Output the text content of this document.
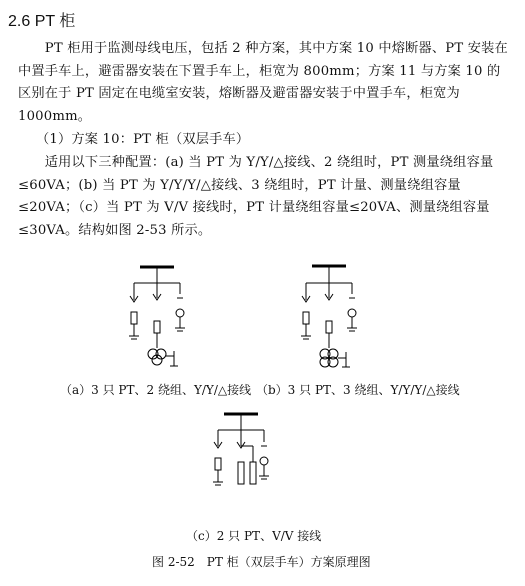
2.6 PT 柜
　　PT 柜用于监测母线电压，包括 2 种方案，其中方案 10 中熔断器、PT 安装在中置手车上，避雷器安装在下置手车上，柜宽为 800mm；方案 11 与方案 10 的区别在于 PT 固定在电缆室安装，熔断器及避雷器安装于中置手车，柜宽为 1000mm。
（1）方案 10：PT 柜（双层手车）
　　适用以下三种配置：(a) 当 PT 为 Y/Y/△接线、2 绕组时，PT 测量绕组容量≤60VA；(b) 当 PT 为 Y/Y/Y/△接线、3 绕组时，PT 计量、测量绕组容量≤20VA；（c）当 PT 为 V/V 接线时，PT 计量绕组容量≤20VA、测量绕组容量≤30VA。结构如图 2-53 所示。
（a）3 只 PT、2 绕组、Y/Y/△接线 （b）3 只 PT、3 绕组、Y/Y/Y/△接线
（c）2 只 PT、V/V 接线
图 2-52　PT 柜（双层手车）方案原理图
